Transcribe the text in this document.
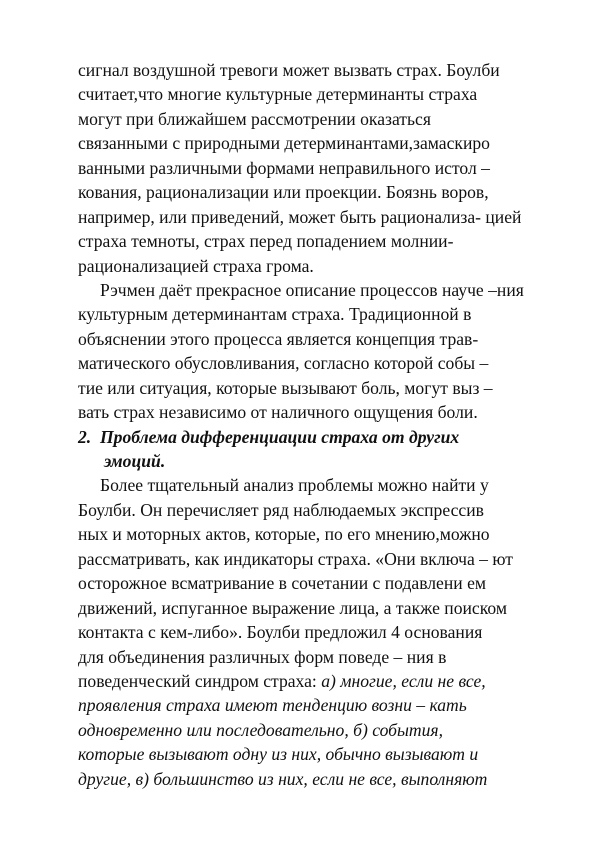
сигнал воздушной тревоги может вызвать страх. Боулби
считает,что многие культурные детерминанты страха
могут при ближайшем рассмотрении оказаться
связанными с природными детерминантами,замаскиро
ванными различными формами неправильного истол –
кования, рационализации или проекции. Боязнь воров,
например, или приведений, может быть рационализа- цией
страха темноты, страх перед попадением молнии-
рационализацией страха грома.
Рэчмен даёт прекрасное описание процессов науче –ния
культурным детерминантам страха. Традиционной в
объяснении этого процесса является концепция трав-
матического обусловливания, согласно которой собы –
тие или ситуация, которые вызывают боль, могут выз –
вать страх независимо от наличного ощущения боли.
2. Проблема дифференциации страха от других
эмоций.
Более тщательный анализ проблемы можно найти у
Боулби. Он перечисляет ряд наблюдаемых экспрессив
ных и моторных актов, которые, по его мнению,можно
рассматривать, как индикаторы страха. «Они включа – ют
осторожное всматривание в сочетании с подавлени ем
движений, испуганное выражение лица, а также поиском
контакта с кем-либо». Боулби предложил 4 основания
для объединения различных форм поведе – ния в
поведенческий синдром страха: а) многие, если не все,
проявления страха имеют тенденцию возни – кать
одновременно или последовательно, б) события,
которые вызывают одну из них, обычно вызывают и
другие, в) большинство из них, если не все, выполняют
